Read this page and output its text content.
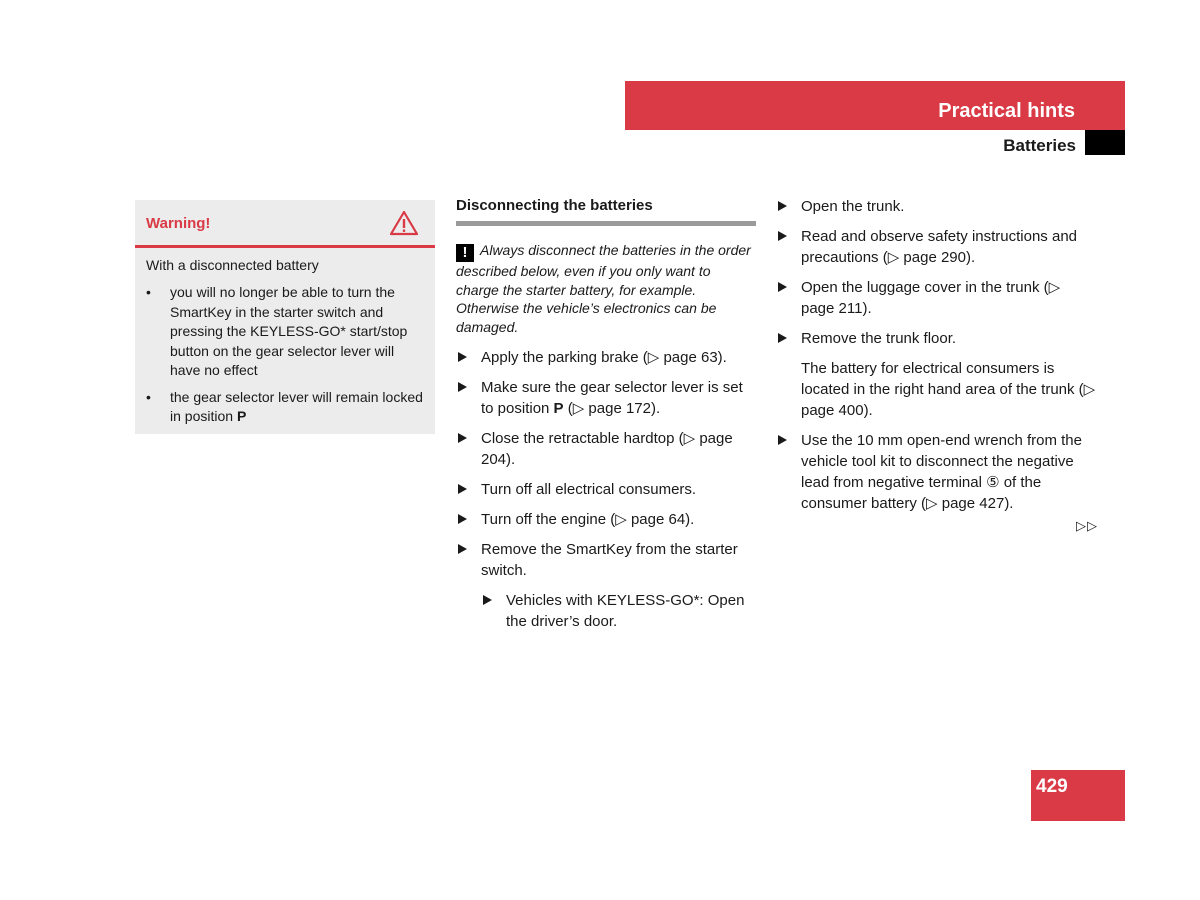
Practical hints
Batteries
Warning!
With a disconnected battery
• you will no longer be able to turn the SmartKey in the starter switch and pressing the KEYLESS-GO* start/stop button on the gear selector lever will have no effect
• the gear selector lever will remain locked in position P
Disconnecting the batteries
! Always disconnect the batteries in the order described below, even if you only want to charge the starter battery, for example. Otherwise the vehicle’s electronics can be damaged.
Apply the parking brake (▷ page 63).
Make sure the gear selector lever is set to position P (▷ page 172).
Close the retractable hardtop (▷ page 204).
Turn off all electrical consumers.
Turn off the engine (▷ page 64).
Remove the SmartKey from the starter switch.
Vehicles with KEYLESS-GO*: Open the driver’s door.
Open the trunk.
Read and observe safety instructions and precautions (▷ page 290).
Open the luggage cover in the trunk (▷ page 211).
Remove the trunk floor.
The battery for electrical consumers is located in the right hand area of the trunk (▷ page 400).
Use the 10 mm open-end wrench from the vehicle tool kit to disconnect the negative lead from negative terminal ⑤ of the consumer battery (▷ page 427).
▷▷
429
